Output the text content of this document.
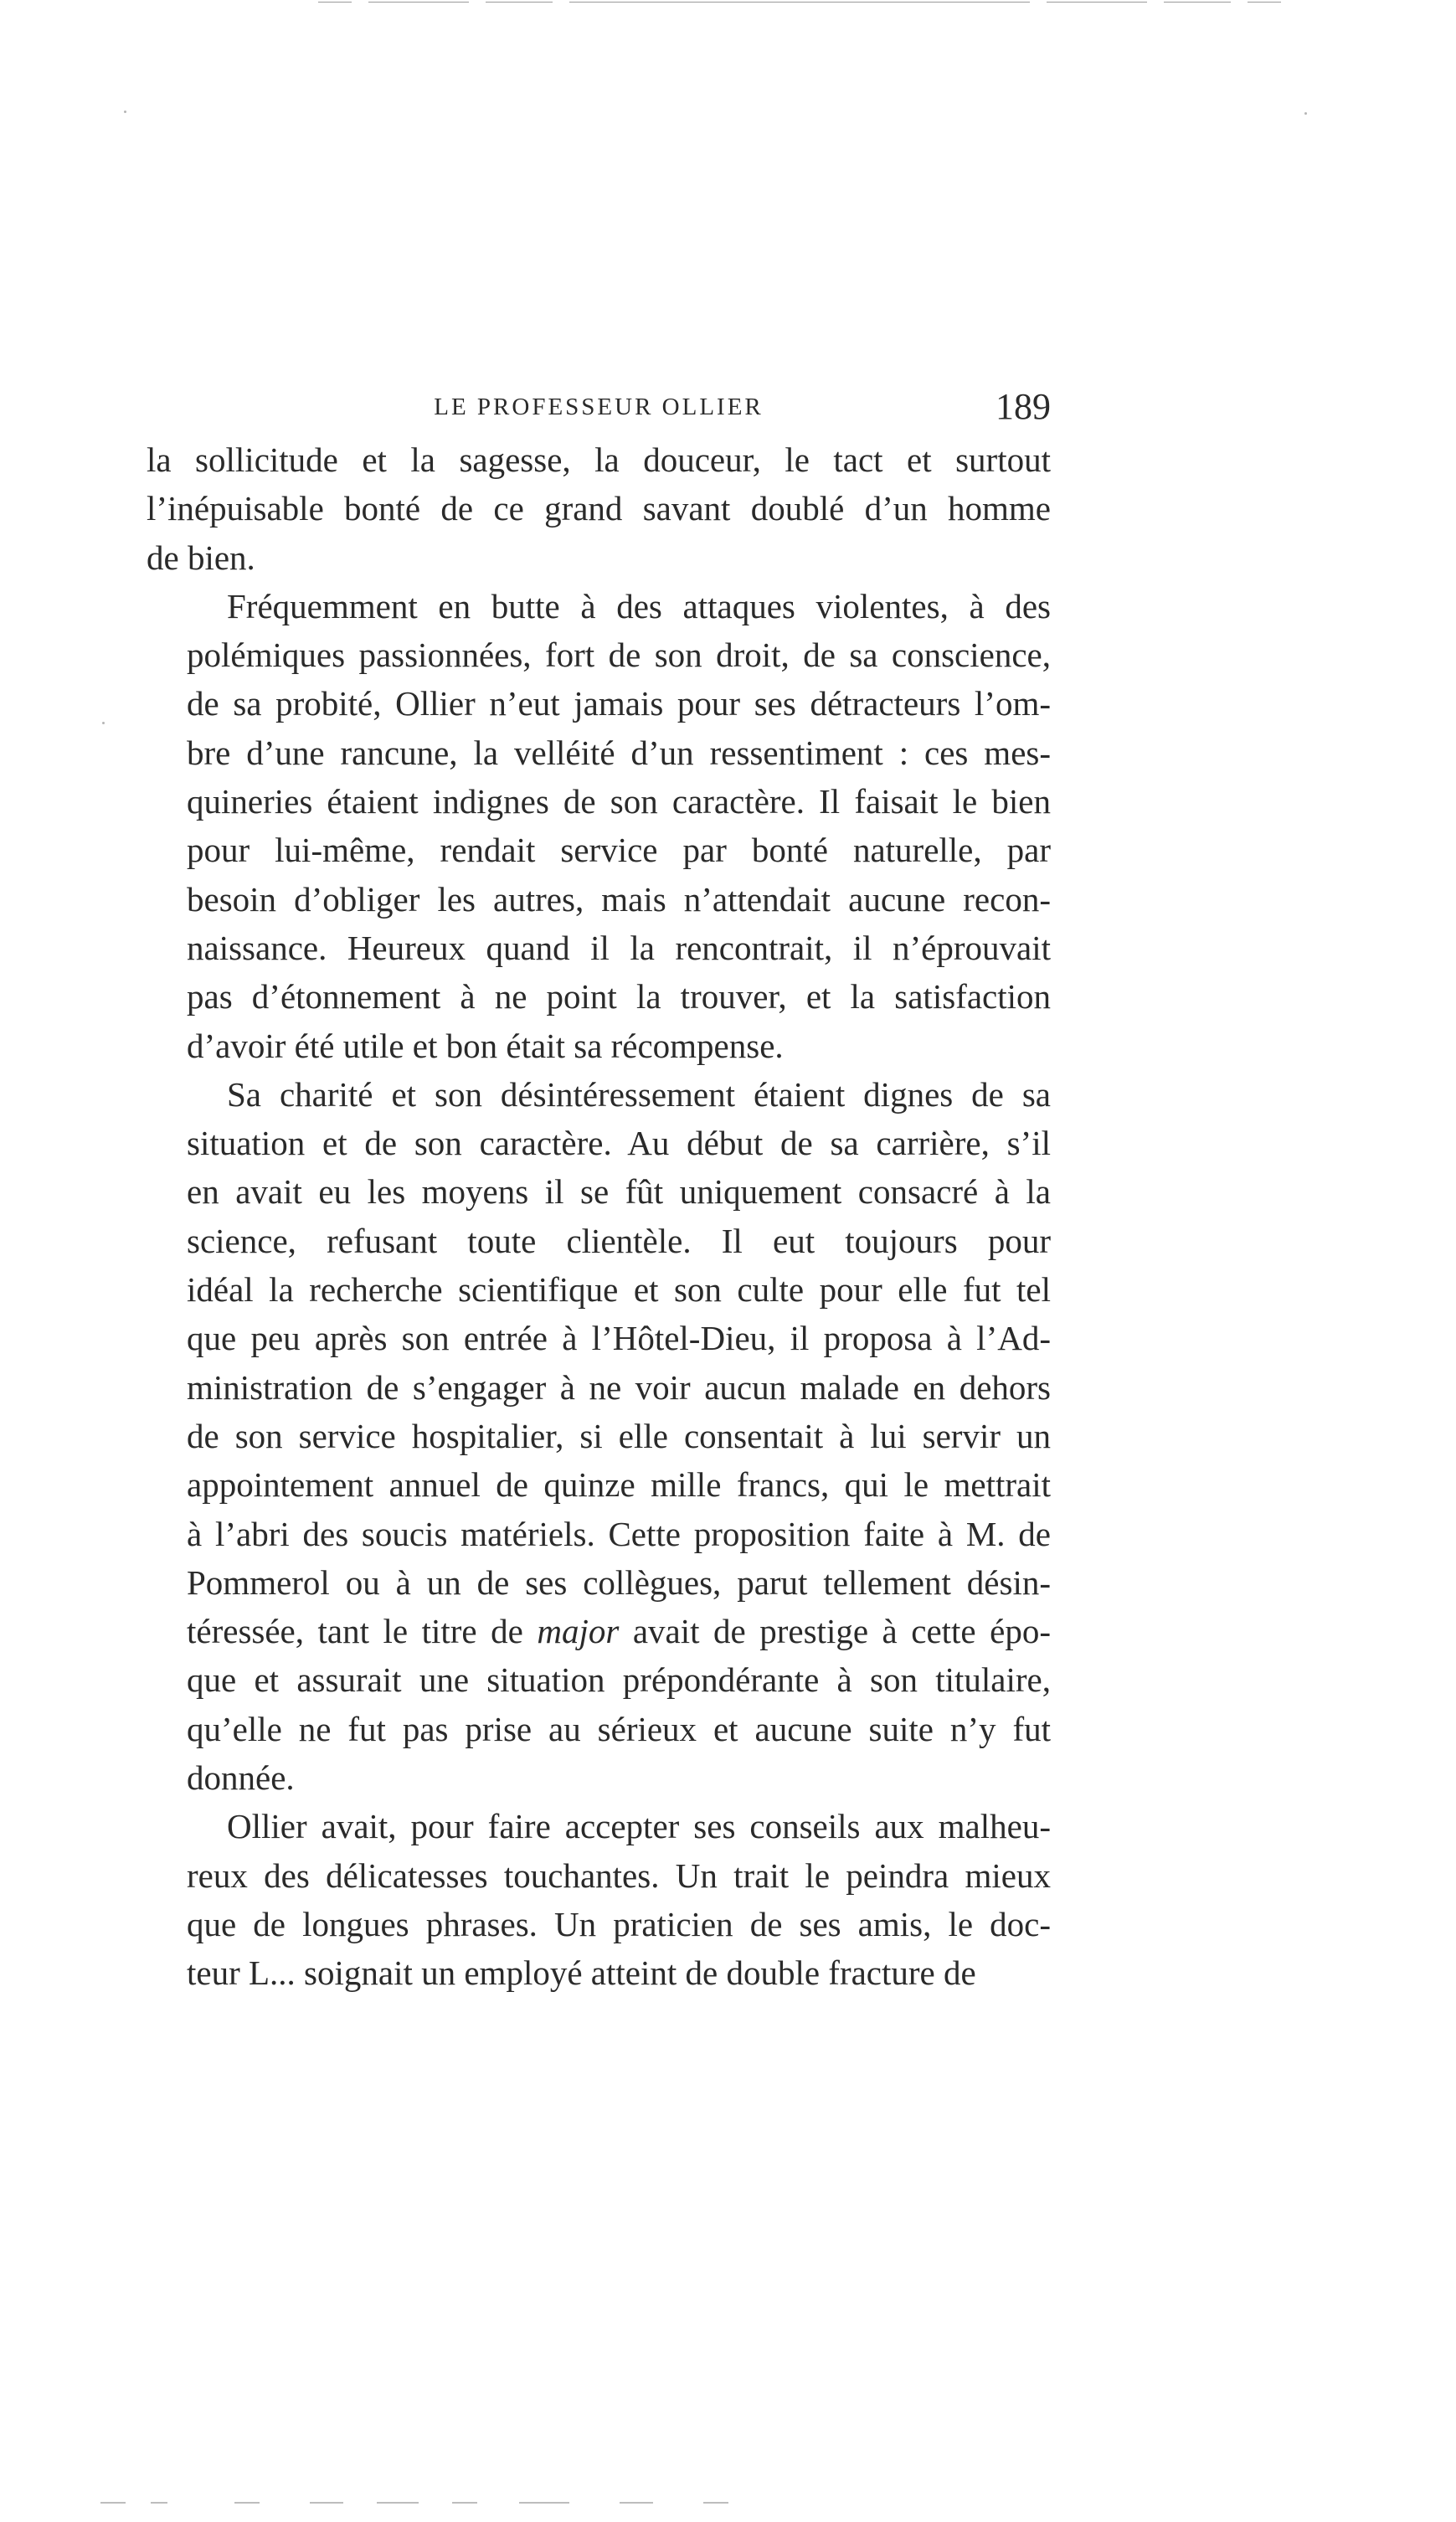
LE PROFESSEUR OLLIER	189

la sollicitude et la sagesse, la douceur, le tact et surtout
l’inépuisable bonté de ce grand savant doublé d’un homme
de bien.

Fréquemment en butte à des attaques violentes, à des
polémiques passionnées, fort de son droit, de sa conscience,
de sa probité, Ollier n’eut jamais pour ses détracteurs l’om-
bre d’une rancune, la velléité d’un ressentiment : ces mes-
quineries étaient indignes de son caractère. Il faisait le bien
pour lui-même, rendait service par bonté naturelle, par
besoin d’obliger les autres, mais n’attendait aucune recon-
naissance. Heureux quand il la rencontrait, il n’éprouvait
pas d’étonnement à ne point la trouver, et la satisfaction
d’avoir été utile et bon était sa récompense.

Sa charité et son désintéressement étaient dignes de sa
situation et de son caractère. Au début de sa carrière, s’il
en avait eu les moyens il se fût uniquement consacré à la
science, refusant toute clientèle. Il eut toujours pour
idéal la recherche scientifique et son culte pour elle fut tel
que peu après son entrée à l’Hôtel-Dieu, il proposa à l’Ad-
ministration de s’engager à ne voir aucun malade en dehors
de son service hospitalier, si elle consentait à lui servir un
appointement annuel de quinze mille francs, qui le mettrait
à l’abri des soucis matériels. Cette proposition faite à M. de
Pommerol ou à un de ses collègues, parut tellement désin-
téressée, tant le titre de major avait de prestige à cette épo-
que et assurait une situation prépondérante à son titulaire,
qu’elle ne fut pas prise au sérieux et aucune suite n’y fut
donnée.

Ollier avait, pour faire accepter ses conseils aux malheu-
reux des délicatesses touchantes. Un trait le peindra mieux
que de longues phrases. Un praticien de ses amis, le doc-
teur L... soignait un employé atteint de double fracture de
